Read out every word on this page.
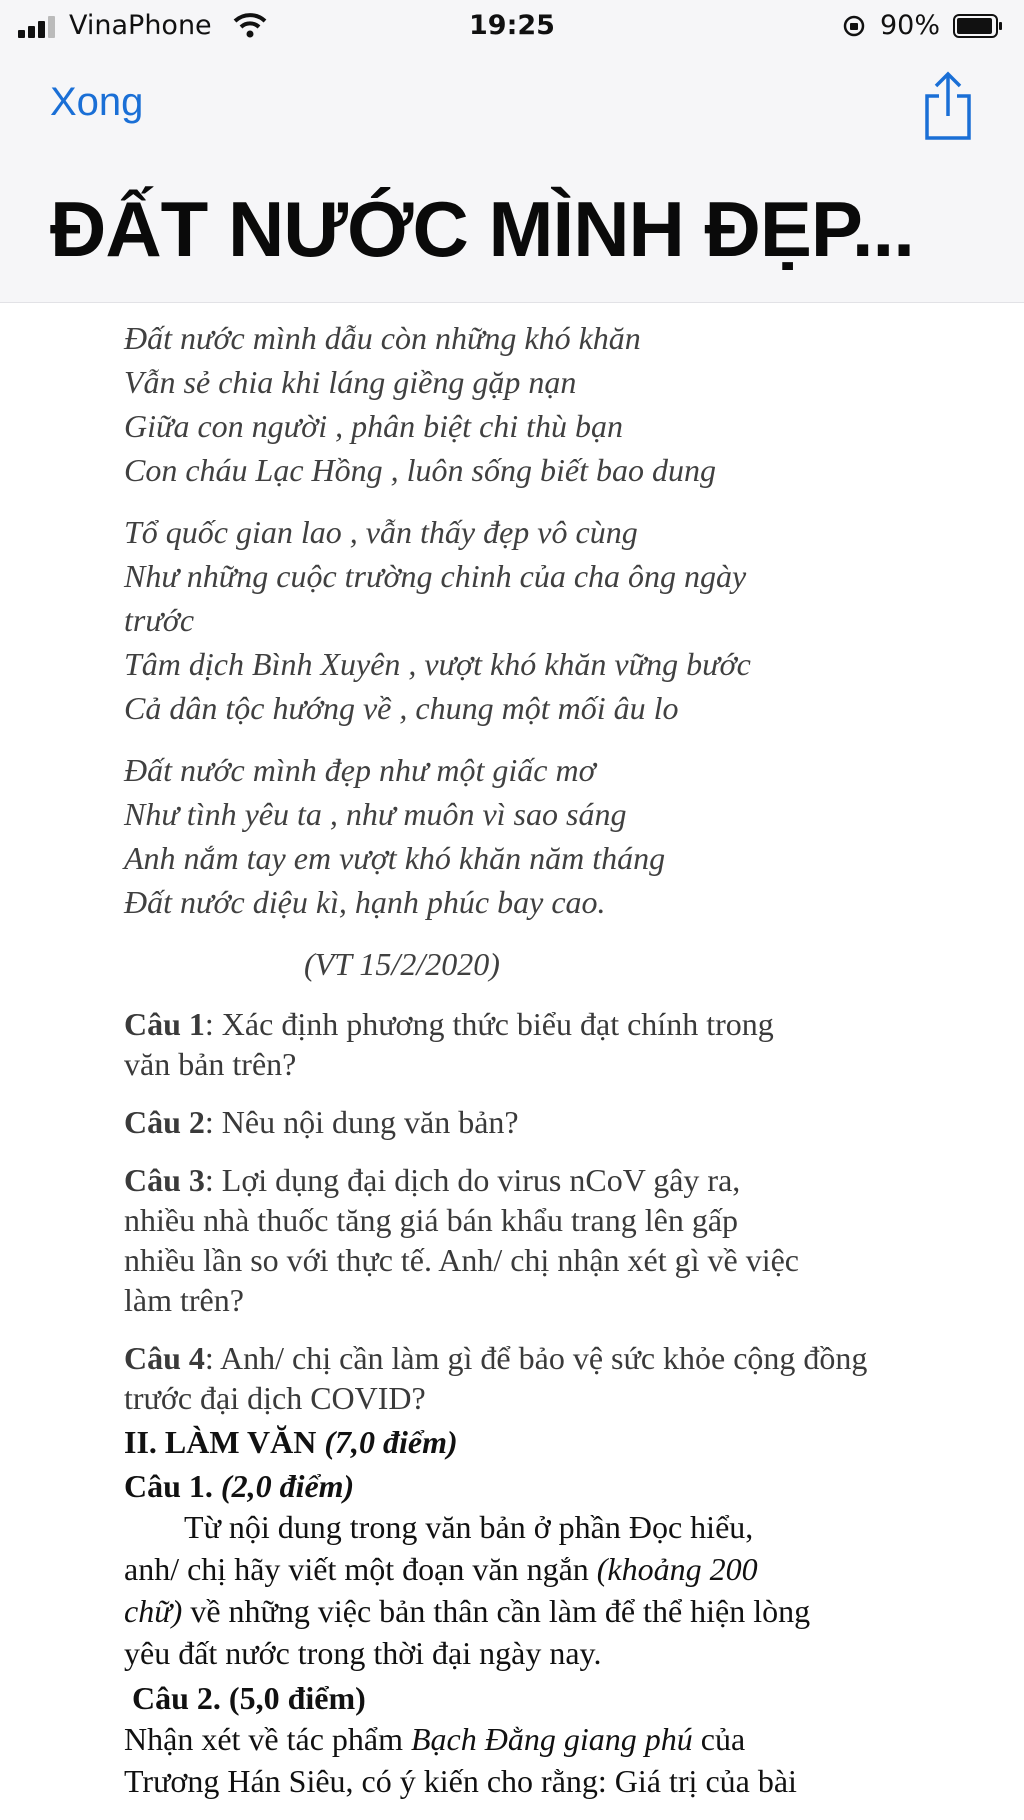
VinaPhone	19:25	90%
Xong
ĐẤT NƯỚC MÌNH ĐẸP...
Đất nước mình dẫu còn những khó khăn
Vẫn sẻ chia khi láng giềng gặp nạn
Giữa con người , phân biệt chi thù bạn
Con cháu Lạc Hồng , luôn sống biết bao dung
Tổ quốc gian lao , vẫn thấy đẹp vô cùng
Như những cuộc trường chinh của cha ông ngày
trước
Tâm dịch Bình Xuyên , vượt khó khăn vững bước
Cả dân tộc hướng về , chung một mối âu lo
Đất nước mình đẹp như một giấc mơ
Như tình yêu ta , như muôn vì sao sáng
Anh nắm tay em vượt khó khăn năm tháng
Đất nước diệu kì, hạnh phúc bay cao.
(VT 15/2/2020)
Câu 1: Xác định phương thức biểu đạt chính trong
văn bản trên?
Câu 2: Nêu nội dung văn bản?
Câu 3: Lợi dụng đại dịch do virus nCoV gây ra,
nhiều nhà thuốc tăng giá bán khẩu trang lên gấp
nhiều lần so với thực tế. Anh/ chị nhận xét gì về việc
làm trên?
Câu 4: Anh/ chị cần làm gì để bảo vệ sức khỏe cộng đồng
trước đại dịch COVID?
II. LÀM VĂN (7,0 điểm)
Câu 1. (2,0 điểm)
Từ nội dung trong văn bản ở phần Đọc hiểu,
anh/ chị hãy viết một đoạn văn ngắn (khoảng 200
chữ) về những việc bản thân cần làm để thể hiện lòng
yêu đất nước trong thời đại ngày nay.
Câu 2. (5,0 điểm)
Nhận xét về tác phẩm Bạch Đằng giang phú của
Trương Hán Siêu, có ý kiến cho rằng: Giá trị của bài
